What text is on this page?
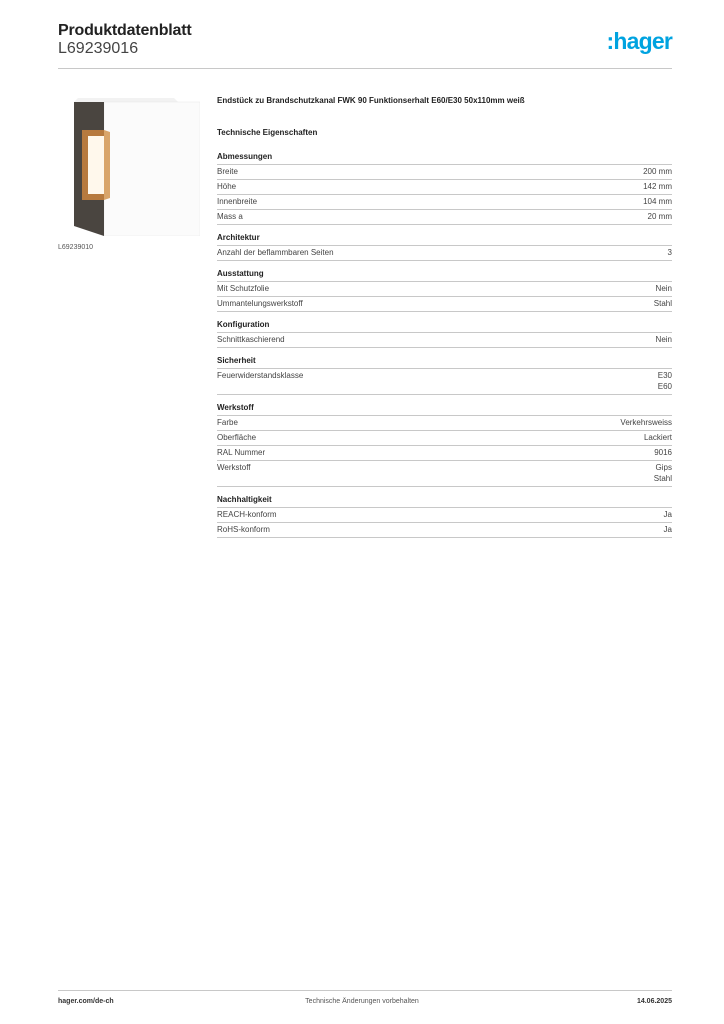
Produktdatenblatt
L69239016	:hager
L69239010
Endstück zu Brandschutzkanal FWK 90 Funktionserhalt E60/E30 50x110mm weiß
Technische Eigenschaften
Abmessungen
Breite	200 mm
Höhe	142 mm
Innenbreite	104 mm
Mass a	20 mm
Architektur
Anzahl der beflammbaren Seiten	3
Ausstattung
Mit Schutzfolie	Nein
Ummantelungswerkstoff	Stahl
Konfiguration
Schnittkaschierend	Nein
Sicherheit
Feuerwiderstandsklasse	E30
E60
Werkstoff
Farbe	Verkehrsweiss
Oberfläche	Lackiert
RAL Nummer	9016
Werkstoff	Gips
Stahl
Nachhaltigkeit
REACH-konform	Ja
RoHS-konform	Ja
hager.com/de-ch	Technische Änderungen vorbehalten	14.06.2025
